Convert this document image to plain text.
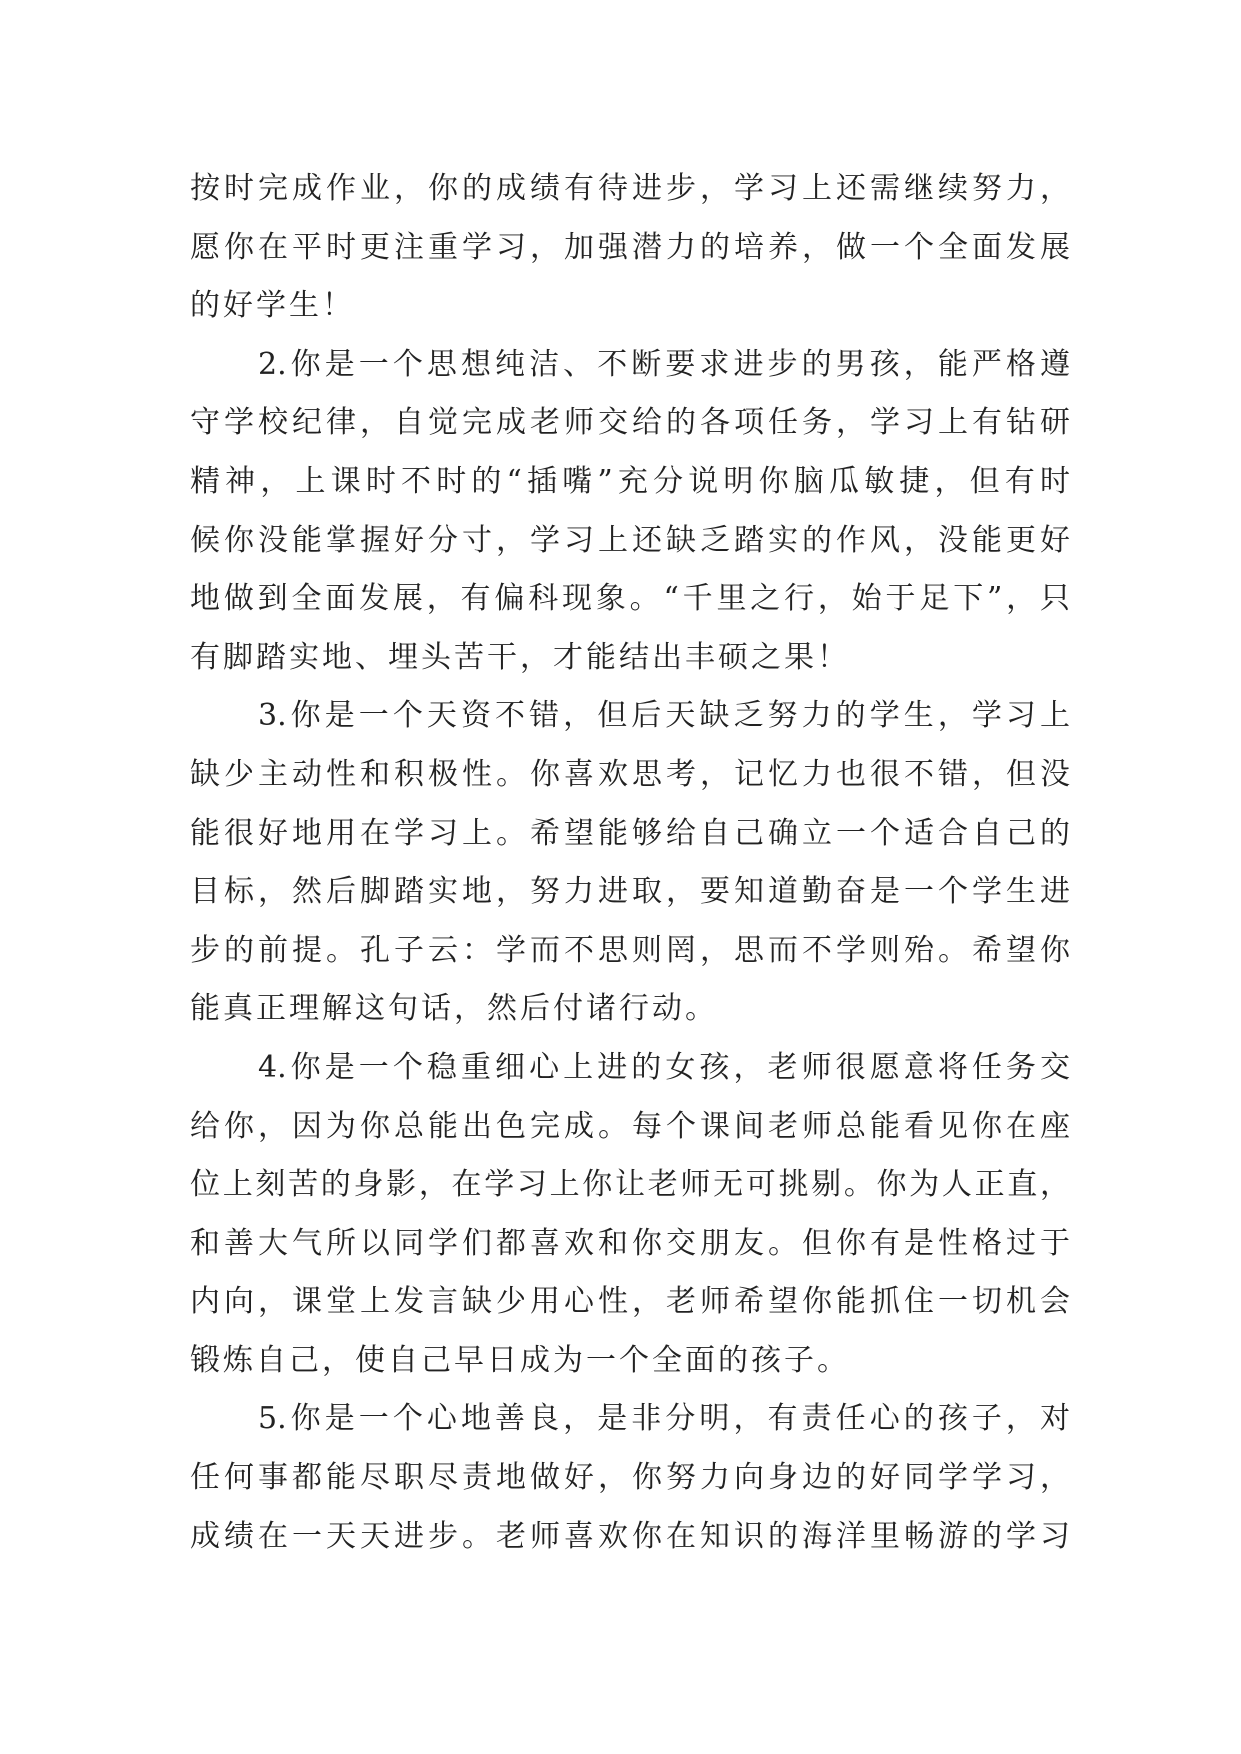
按时完成作业，你的成绩有待进步，学习上还需继续努力，
愿你在平时更注重学习，加强潜力的培养，做一个全面发展
的好学生！
2.你是一个思想纯洁、不断要求进步的男孩，能严格遵
守学校纪律，自觉完成老师交给的各项任务，学习上有钻研
精神，上课时不时的“插嘴”充分说明你脑瓜敏捷，但有时
候你没能掌握好分寸，学习上还缺乏踏实的作风，没能更好
地做到全面发展，有偏科现象。“千里之行，始于足下”，只
有脚踏实地、埋头苦干，才能结出丰硕之果！
3.你是一个天资不错，但后天缺乏努力的学生，学习上
缺少主动性和积极性。你喜欢思考，记忆力也很不错，但没
能很好地用在学习上。希望能够给自己确立一个适合自己的
目标，然后脚踏实地，努力进取，要知道勤奋是一个学生进
步的前提。孔子云：学而不思则罔，思而不学则殆。希望你
能真正理解这句话，然后付诸行动。
4.你是一个稳重细心上进的女孩，老师很愿意将任务交
给你，因为你总能出色完成。每个课间老师总能看见你在座
位上刻苦的身影，在学习上你让老师无可挑剔。你为人正直，
和善大气所以同学们都喜欢和你交朋友。但你有是性格过于
内向，课堂上发言缺少用心性，老师希望你能抓住一切机会
锻炼自己，使自己早日成为一个全面的孩子。
5.你是一个心地善良，是非分明，有责任心的孩子，对
任何事都能尽职尽责地做好，你努力向身边的好同学学习，
成绩在一天天进步。老师喜欢你在知识的海洋里畅游的学习
